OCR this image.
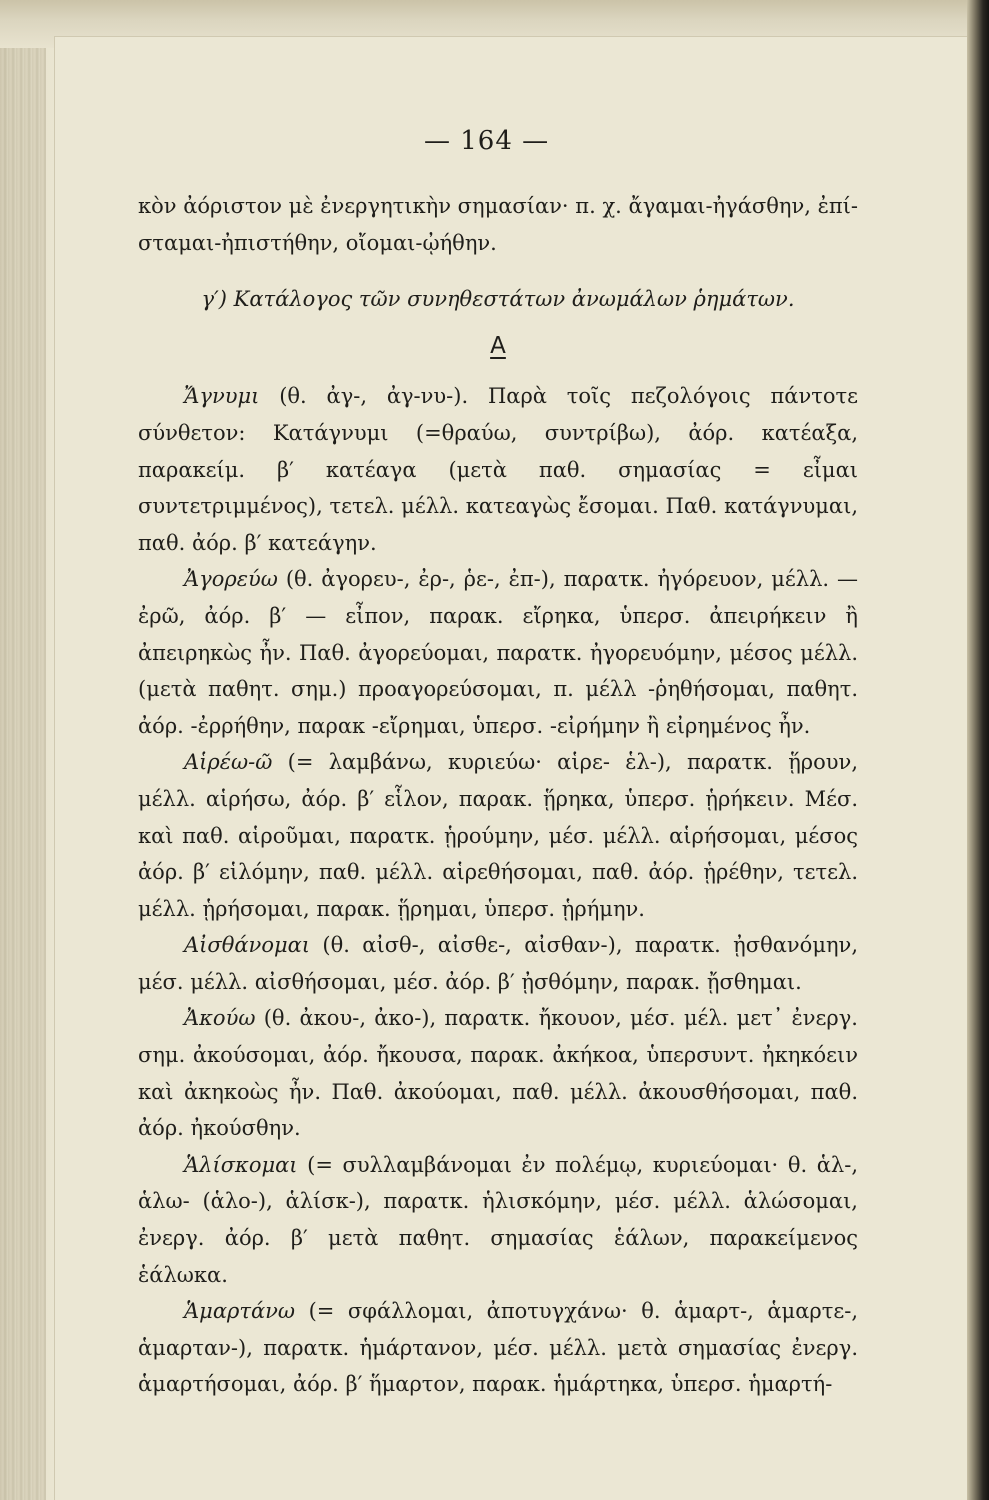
— 164 —

κὸν ἀόριστον μὲ ἐνεργητικὴν σημασίαν· π. χ. ἄγαμαι-ἠγάσθην, ἐπί-σταμαι-ἠπιστήθην, οἴομαι-ᾠήθην.

γ′) Κατάλογος τῶν συνηθεστάτων ἀνωμάλων ῥημάτων.

Α

Ἄγνυμι (θ. ἀγ-, ἀγ-νυ-). Παρὰ τοῖς πεζολόγοις πάντοτε σύνθετον: Κατάγνυμι (=θραύω, συντρίβω), ἀόρ. κατέαξα, παρακείμ. β′ κατέαγα (μετὰ παθ. σημασίας = εἶμαι συντετριμμένος), τετελ. μέλλ. κατεαγὼς ἔσομαι. Παθ. κατάγνυμαι, παθ. ἀόρ. β′ κατεάγην.

Ἀγορεύω (θ. ἀγορευ-, ἐρ-, ῥε-, ἐπ-), παρατκ. ἠγόρευον, μέλλ. —ἐρῶ, ἀόρ. β′ — εἶπον, παρακ. εἴρηκα, ὑπερσ. ἀπειρήκειν ἢ ἀπειρηκὼς ἦν. Παθ. ἀγορεύομαι, παρατκ. ἠγορευόμην, μέσος μέλλ. (μετὰ παθητ. σημ.) προαγορεύσομαι, π. μέλλ -ῥηθήσομαι, παθητ. ἀόρ. -ἐρρήθην, παρακ -εἴρημαι, ὑπερσ. -εἰρήμην ἢ εἰρημένος ἦν.

Αἱρέω-ῶ (= λαμβάνω, κυριεύω· αἱρε- ἑλ-), παρατκ. ᾕρουν, μέλλ. αἱρήσω, ἀόρ. β′ εἷλον, παρακ. ᾕρηκα, ὑπερσ. ᾑρήκειν. Μέσ. καὶ παθ. αἱροῦμαι, παρατκ. ᾑρούμην, μέσ. μέλλ. αἱρήσομαι, μέσος ἀόρ. β′ εἱλόμην, παθ. μέλλ. αἱρεθήσομαι, παθ. ἀόρ. ᾑρέθην, τετελ. μέλλ. ᾑρήσομαι, παρακ. ᾕρημαι, ὑπερσ. ᾑρήμην.

Αἰσθάνομαι (θ. αἰσθ-, αἰσθε-, αἰσθαν-), παρατκ. ᾐσθανόμην, μέσ. μέλλ. αἰσθήσομαι, μέσ. ἀόρ. β′ ᾐσθόμην, παρακ. ᾔσθημαι.

Ἀκούω (θ. ἀκου-, ἀκο-), παρατκ. ἤκουον, μέσ. μέλ. μετ᾽ ἐνεργ. σημ. ἀκούσομαι, ἀόρ. ἤκουσα, παρακ. ἀκήκοα, ὑπερσυντ. ἠκηκόειν καὶ ἀκηκοὼς ἦν. Παθ. ἀκούομαι, παθ. μέλλ. ἀκουσθήσομαι, παθ. ἀόρ. ἠκούσθην.

Ἁλίσκομαι (= συλλαμβάνομαι ἐν πολέμῳ, κυριεύομαι· θ. ἁλ-, ἁλω- (ἁλο-), ἁλίσκ-), παρατκ. ἡλισκόμην, μέσ. μέλλ. ἁλώσομαι, ἐνεργ. ἀόρ. β′ μετὰ παθητ. σημασίας ἑάλων, παρακείμενος ἑάλωκα.

Ἁμαρτάνω (= σφάλλομαι, ἀποτυγχάνω· θ. ἁμαρτ-, ἁμαρτε-, ἁμαρταν-), παρατκ. ἡμάρτανον, μέσ. μέλλ. μετὰ σημασίας ἐνεργ. ἁμαρτήσομαι, ἀόρ. β′ ἥμαρτον, παρακ. ἡμάρτηκα, ὑπερσ. ἡμαρτή-
